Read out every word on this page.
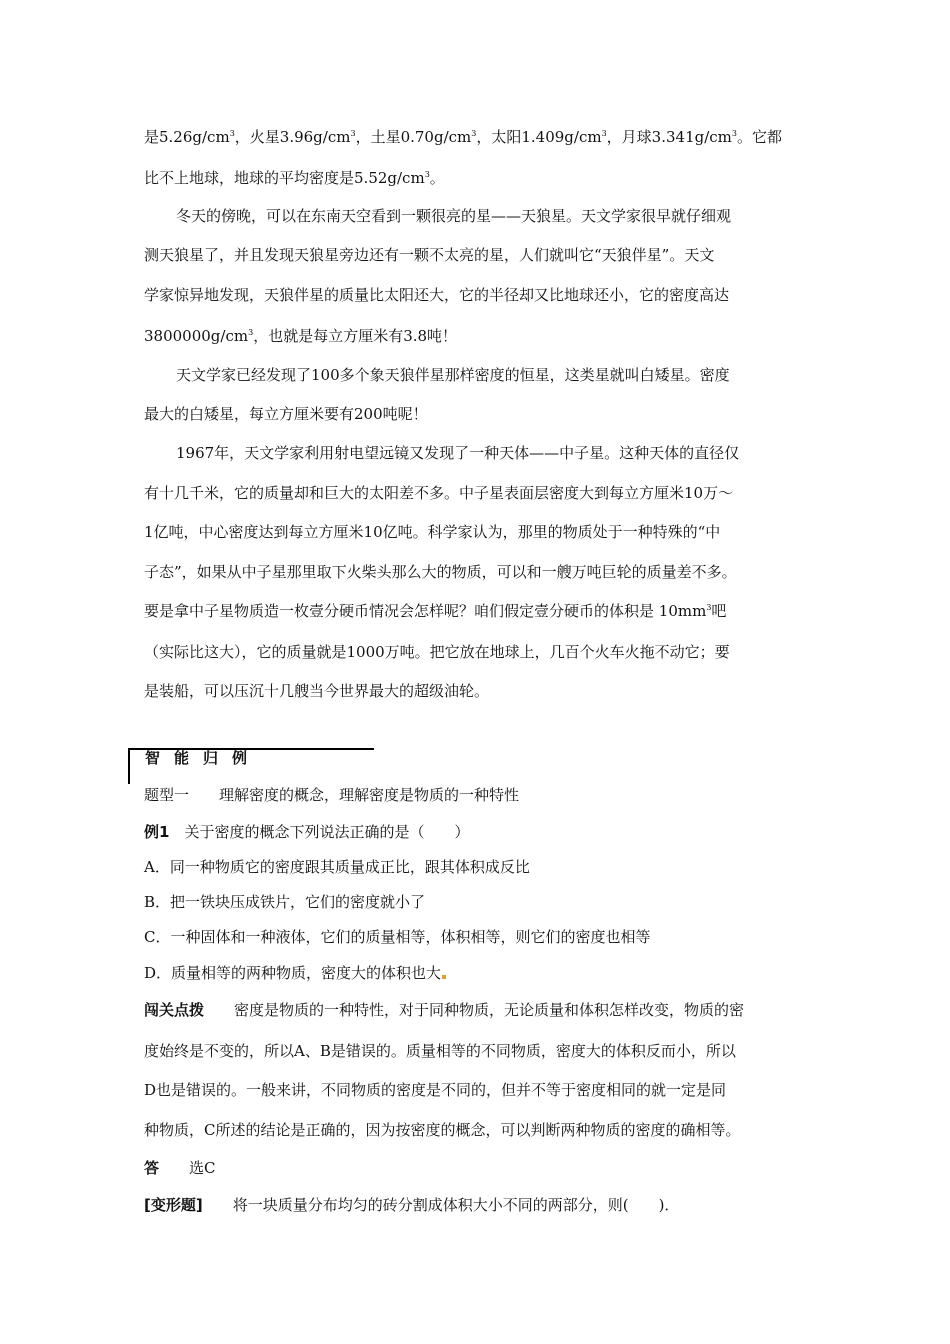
是$5.26g/cm^3$，火星$3.96g/cm^3$，土星$0.70g/cm^3$，太阳$1.409g/cm^3$，月球$3.341g/cm^3$。它都
比不上地球，地球的平均密度是$5.52g/cm^3$。
冬天的傍晚，可以在东南天空看到一颗很亮的星——天狼星。天文学家很早就仔细观
测天狼星了，并且发现天狼星旁边还有一颗不太亮的星，人们就叫它“天狼伴星”。天文
学家惊异地发现，天狼伴星的质量比太阳还大，它的半径却又比地球还小，它的密度高达
$3800000g/cm^3$，也就是每立方厘米有3.8吨！
天文学家已经发现了100多个象天狼伴星那样密度的恒星，这类星就叫白矮星。密度
最大的白矮星，每立方厘米要有200吨呢！
1967年，天文学家利用射电望远镜又发现了一种天体——中子星。这种天体的直径仅
有十几千米，它的质量却和巨大的太阳差不多。中子星表面层密度大到每立方厘米10万～
1亿吨，中心密度达到每立方厘米10亿吨。科学家认为，那里的物质处于一种特殊的“中
子态”，如果从中子星那里取下火柴头那么大的物质，可以和一艘万吨巨轮的质量差不多。
要是拿中子星物质造一枚壹分硬币情况会怎样呢？咱们假定壹分硬币的体积是 $10mm^3$吧
（实际比这大），它的质量就是1000万吨。把它放在地球上，几百个火车火拖不动它；要
是装船，可以压沉十几艘当今世界最大的超级油轮。
智能归例
题型一　　理解密度的概念，理解密度是物质的一种特性
例1　关于密度的概念下列说法正确的是（　　）
A．同一种物质它的密度跟其质量成正比，跟其体积成反比
B．把一铁块压成铁片，它们的密度就小了
C．一种固体和一种液体，它们的质量相等，体积相等，则它们的密度也相等
D．质量相等的两种物质，密度大的体积也大
闯关点拨　　密度是物质的一种特性，对于同种物质，无论质量和体积怎样改变，物质的密
度始终是不变的，所以A、B是错误的。质量相等的不同物质，密度大的体积反而小，所以
D也是错误的。一般来讲，不同物质的密度是不同的，但并不等于密度相同的就一定是同
种物质，C所述的结论是正确的，因为按密度的概念，可以判断两种物质的密度的确相等。
答　　选C
[变形题]　　将一块质量分布均匀的砖分割成体积大小不同的两部分，则(　　)．
